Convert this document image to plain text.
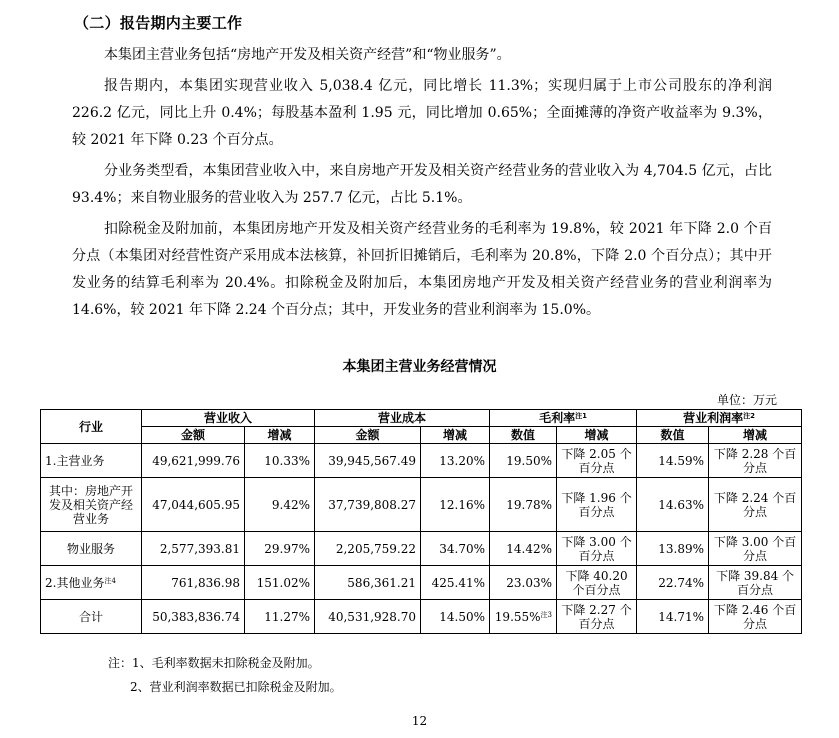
（二）报告期内主要工作

本集团主营业务包括“房地产开发及相关资产经营”和“物业服务”。

报告期内，本集团实现营业收入 5,038.4 亿元，同比增长 11.3%；实现归属于上市公司股东的净利润 226.2 亿元，同比上升 0.4%；每股基本盈利 1.95 元，同比增加 0.65%；全面摊薄的净资产收益率为 9.3%，较 2021 年下降 0.23 个百分点。

分业务类型看，本集团营业收入中，来自房地产开发及相关资产经营业务的营业收入为 4,704.5 亿元，占比 93.4%；来自物业服务的营业收入为 257.7 亿元，占比 5.1%。

扣除税金及附加前，本集团房地产开发及相关资产经营业务的毛利率为 19.8%，较 2021 年下降 2.0 个百分点（本集团对经营性资产采用成本法核算，补回折旧摊销后，毛利率为 20.8%，下降 2.0 个百分点）；其中开发业务的结算毛利率为 20.4%。扣除税金及附加后，本集团房地产开发及相关资产经营业务的营业利润率为 14.6%，较 2021 年下降 2.24 个百分点；其中，开发业务的营业利润率为 15.0%。

本集团主营业务经营情况
单位：万元
行业	营业收入		营业成本		毛利率$^{注1}$		营业利润率$^{注2}$
	金额	增减	金额	增减	数值	增减	数值	增减
1.主营业务	49,621,999.76	10.33%	39,945,567.49	13.20%	19.50%	下降 2.05 个百分点	14.59%	下降 2.28 个百分点
其中：房地产开发及相关资产经营业务	47,044,605.95	9.42%	37,739,808.27	12.16%	19.78%	下降 1.96 个百分点	14.63%	下降 2.24 个百分点
物业服务	2,577,393.81	29.97%	2,205,759.22	34.70%	14.42%	下降 3.00 个百分点	13.89%	下降 3.00 个百分点
2.其他业务$^{注4}$	761,836.98	151.02%	586,361.21	425.41%	23.03%	下降 40.20 个百分点	22.74%	下降 39.84 个百分点
合计	50,383,836.74	11.27%	40,531,928.70	14.50%	19.55%$^{注3}$	下降 2.27 个百分点	14.71%	下降 2.46 个百分点
注：1、毛利率数据未扣除税金及附加。
2、营业利润率数据已扣除税金及附加。
12
